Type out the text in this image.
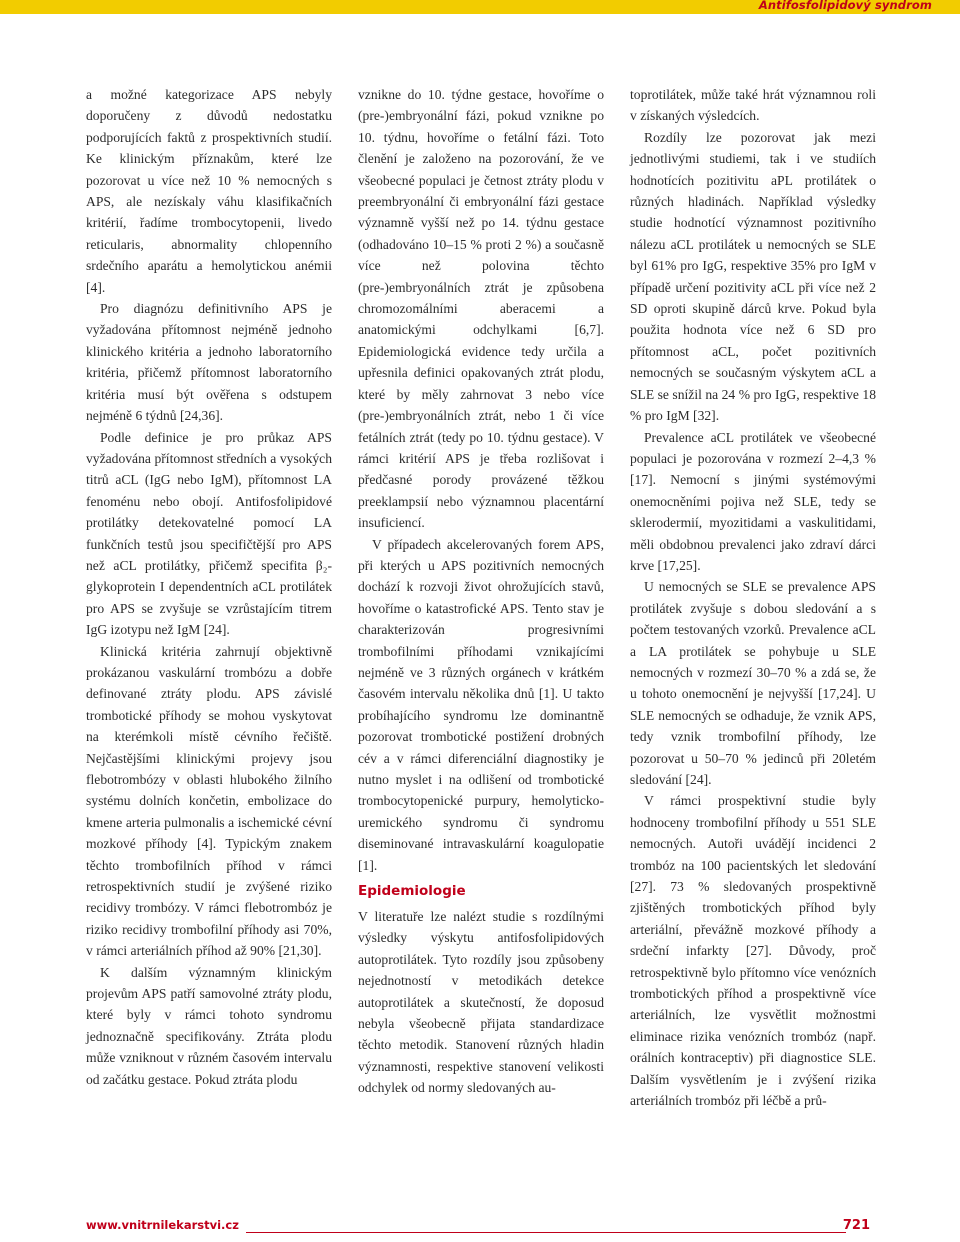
Antifosfolipidový syndrom

a možné kategorizace APS nebyly doporučeny z důvodů nedostatku podporujících faktů z prospektivních studií. Ke klinickým příznakům, které lze pozorovat u více než 10 % nemocných s APS, ale nezískaly váhu klasifikačních kritérií, řadíme trombocytopenii, livedo reticularis, abnormality chlopenního srdečního aparátu a hemolytickou anémii [4].

Pro diagnózu definitivního APS je vyžadována přítomnost nejméně jednoho klinického kritéria a jednoho laboratorního kritéria, přičemž přítomnost laboratorního kritéria musí být ověřena s odstupem nejméně 6 týdnů [24,36].

Podle definice je pro průkaz APS vyžadována přítomnost středních a vysokých titrů aCL (IgG nebo IgM), přítomnost LA fenoménu nebo obojí. Antifosfolipidové protilátky detekovatelné pomocí LA funkčních testů jsou specifičtější pro APS než aCL protilátky, přičemž specifita β₂-glykoprotein I dependentních aCL protilátek pro APS se zvyšuje se vzrůstajícím titrem IgG izotypu než IgM [24].

Klinická kritéria zahrnují objektivně prokázanou vaskulární trombózu a dobře definované ztráty plodu. APS závislé trombotické příhody se mohou vyskytovat na kterémkoli místě cévního řečiště. Nejčastějšími klinickými projevy jsou flebotrombózy v oblasti hlubokého žilního systému dolních končetin, embolizace do kmene arteria pulmonalis a ischemické cévní mozkové příhody [4]. Typickým znakem těchto trombofilních příhod v rámci retrospektivních studií je zvýšené riziko recidivy trombózy. V rámci flebotrombóz je riziko recidivy trombofilní příhody asi 70%, v rámci arteriálních příhod až 90% [21,30].

K dalším významným klinickým projevům APS patří samovolné ztráty plodu, které byly v rámci tohoto syndromu jednoznačně specifikovány. Ztráta plodu může vzniknout v různém časovém intervalu od začátku gestace. Pokud ztráta plodu

vznikne do 10. týdne gestace, hovoříme o (pre-)embryonální fázi, pokud vznikne po 10. týdnu, hovoříme o fetální fázi. Toto členění je založeno na pozorování, že ve všeobecné populaci je četnost ztráty plodu v preembryonální či embryonální fázi gestace významně vyšší než po 14. týdnu gestace (odhadováno 10–15 % proti 2 %) a současně více než polovina těchto (pre-)embryonálních ztrát je způsobena chromozomálními aberacemi a anatomickými odchylkami [6,7]. Epidemiologická evidence tedy určila a upřesnila definici opakovaných ztrát plodu, které by měly zahrnovat 3 nebo více (pre-)embryonálních ztrát, nebo 1 či více fetálních ztrát (tedy po 10. týdnu gestace). V rámci kritérií APS je třeba rozlišovat i předčasné porody provázené těžkou preeklampsií nebo významnou placentární insuficiencí.

V případech akcelerovaných forem APS, při kterých u APS pozitivních nemocných dochází k rozvoji život ohrožujících stavů, hovoříme o katastrofické APS. Tento stav je charakterizován progresivními trombofilními příhodami vznikajícími nejméně ve 3 různých orgánech v krátkém časovém intervalu několika dnů [1]. U takto probíhajícího syndromu lze dominantně pozorovat trombotické postižení drobných cév a v rámci diferenciální diagnostiky je nutno myslet i na odlišení od trombotické trombocytopenické purpury, hemolyticko-uremického syndromu či syndromu diseminované intravaskulární koagulopatie [1].

Epidemiologie

V literatuře lze nalézt studie s rozdílnými výsledky výskytu antifosfolipidových autoprotilátek. Tyto rozdíly jsou způsobeny nejednotností v metodikách detekce autoprotilátek a skutečností, že doposud nebyla všeobecně přijata standardizace těchto metodik. Stanovení různých hladin významnosti, respektive stanovení velikosti odchylek od normy sledovaných au-

toprotilátek, může také hrát významnou roli v získaných výsledcích.

Rozdíly lze pozorovat jak mezi jednotlivými studiemi, tak i ve studiích hodnotících pozitivitu aPL protilátek o různých hladinách. Například výsledky studie hodnotící významnost pozitivního nálezu aCL protilátek u nemocných se SLE byl 61% pro IgG, respektive 35% pro IgM v případě určení pozitivity aCL při více než 2 SD oproti skupině dárců krve. Pokud byla použita hodnota více než 6 SD pro přítomnost aCL, počet pozitivních nemocných se současným výskytem aCL a SLE se snížil na 24 % pro IgG, respektive 18 % pro IgM [32].

Prevalence aCL protilátek ve všeobecné populaci je pozorována v rozmezí 2–4,3 % [17]. Nemocní s jinými systémovými onemocněními pojiva než SLE, tedy se sklerodermií, myozitidami a vaskulitidami, měli obdobnou prevalenci jako zdraví dárci krve [17,25].

U nemocných se SLE se prevalence APS protilátek zvyšuje s dobou sledování a s počtem testovaných vzorků. Prevalence aCL a LA protilátek se pohybuje u SLE nemocných v rozmezí 30–70 % a zdá se, že u tohoto onemocnění je nejvyšší [17,24]. U SLE nemocných se odhaduje, že vznik APS, tedy vznik trombofilní příhody, lze pozorovat u 50–70 % jedinců při 20letém sledování [24].

V rámci prospektivní studie byly hodnoceny trombofilní příhody u 551 SLE nemocných. Autoři uvádějí incidenci 2 trombóz na 100 pacientských let sledování [27]. 73 % sledovaných prospektivně zjištěných trombotických příhod byly arteriální, převážně mozkové příhody a srdeční infarkty [27]. Důvody, proč retrospektivně bylo přítomno více venózních trombotických příhod a prospektivně více arteriálních, lze vysvětlit možnostmi eliminace rizika venózních trombóz (např. orálních kontraceptiv) při diagnostice SLE. Dalším vysvětlením je i zvýšení rizika arteriálních trombóz při léčbě a prů-

www.vnitrnilekarstvi.cz	721
